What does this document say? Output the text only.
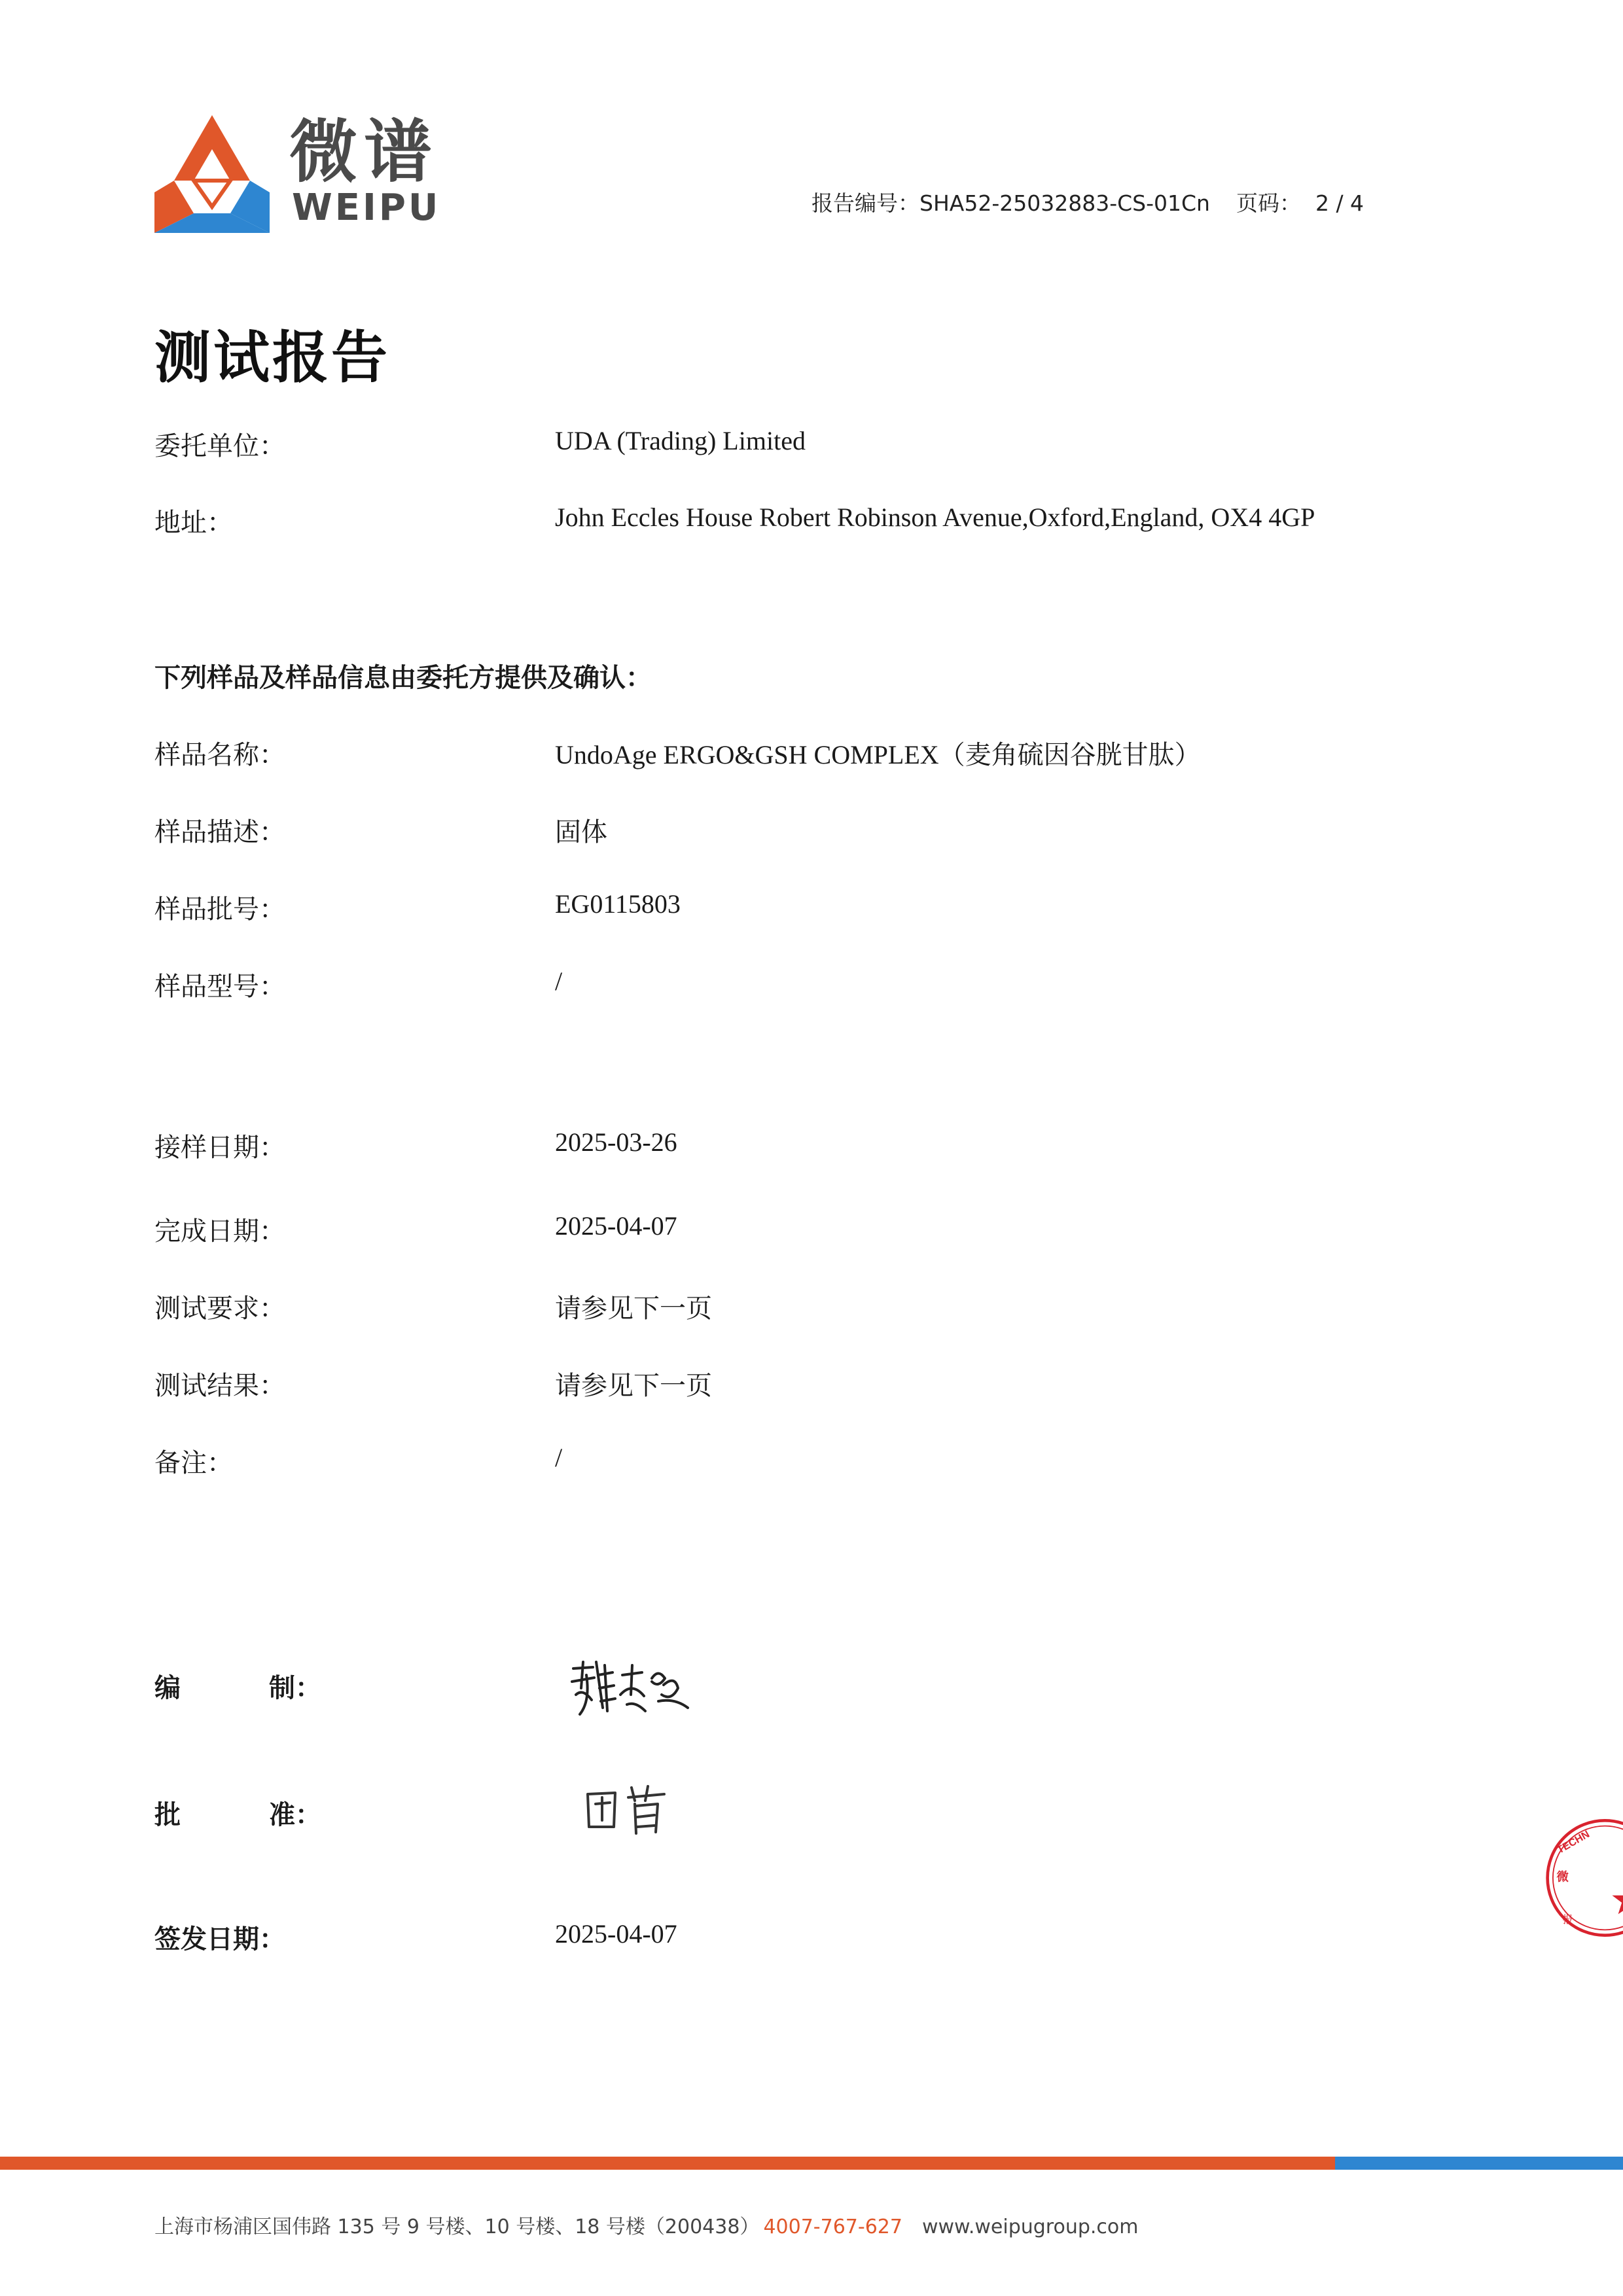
微谱
WEIPU	报告编号：SHA52-25032883-CS-01Cn 页码： 2 / 4
测试报告
委托单位：	UDA (Trading) Limited
地址：	John Eccles House Robert Robinson Avenue,Oxford,England, OX4 4GP
下列样品及样品信息由委托方提供及确认：
样品名称：	UndoAge ERGO&GSH COMPLEX（麦角硫因谷胱甘肽）
样品描述：	固体
样品批号：	EG0115803
样品型号：	/
接样日期：	2025-03-26
完成日期：	2025-04-07
测试要求：	请参见下一页
测试结果：	请参见下一页
备注：	/
编	制：
批	准：
签发日期：	2025-04-07
TECHN
微
报
上海市杨浦区国伟路 135 号 9 号楼、10 号楼、18 号楼（200438） 4007-767-627 www.weipugroup.com
